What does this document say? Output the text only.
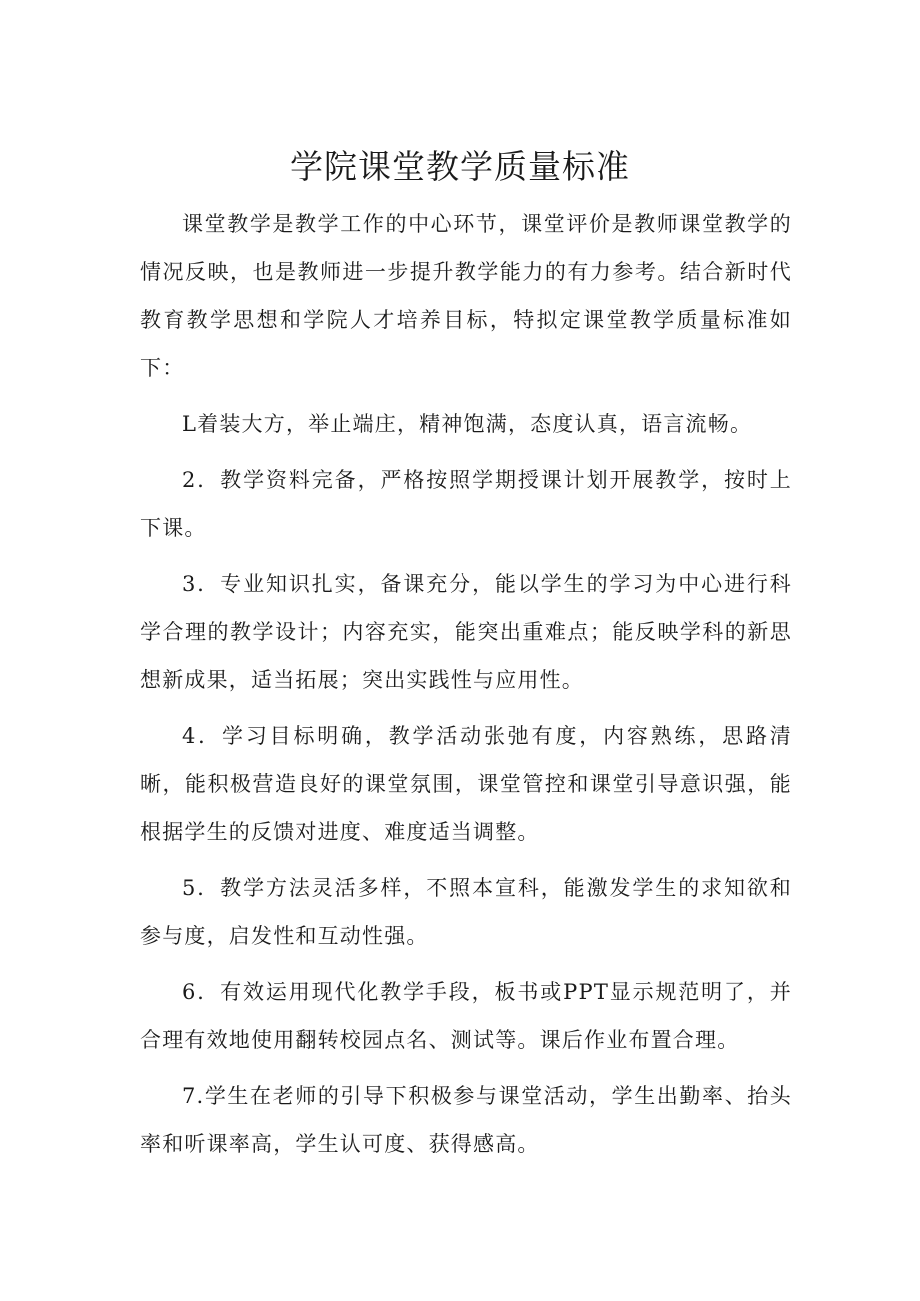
学院课堂教学质量标准

课堂教学是教学工作的中心环节，课堂评价是教师课堂教学的情况反映，也是教师进一步提升教学能力的有力参考。结合新时代教育教学思想和学院人才培养目标，特拟定课堂教学质量标准如下：

L着装大方，举止端庄，精神饱满，态度认真，语言流畅。

2．教学资料完备，严格按照学期授课计划开展教学，按时上下课。

3．专业知识扎实，备课充分，能以学生的学习为中心进行科学合理的教学设计；内容充实，能突出重难点；能反映学科的新思想新成果，适当拓展；突出实践性与应用性。

4．学习目标明确，教学活动张弛有度，内容熟练，思路清晰，能积极营造良好的课堂氛围，课堂管控和课堂引导意识强，能根据学生的反馈对进度、难度适当调整。

5．教学方法灵活多样，不照本宣科，能激发学生的求知欲和参与度，启发性和互动性强。

6．有效运用现代化教学手段，板书或PPT显示规范明了，并合理有效地使用翻转校园点名、测试等。课后作业布置合理。

7.学生在老师的引导下积极参与课堂活动，学生出勤率、抬头率和听课率高，学生认可度、获得感高。
